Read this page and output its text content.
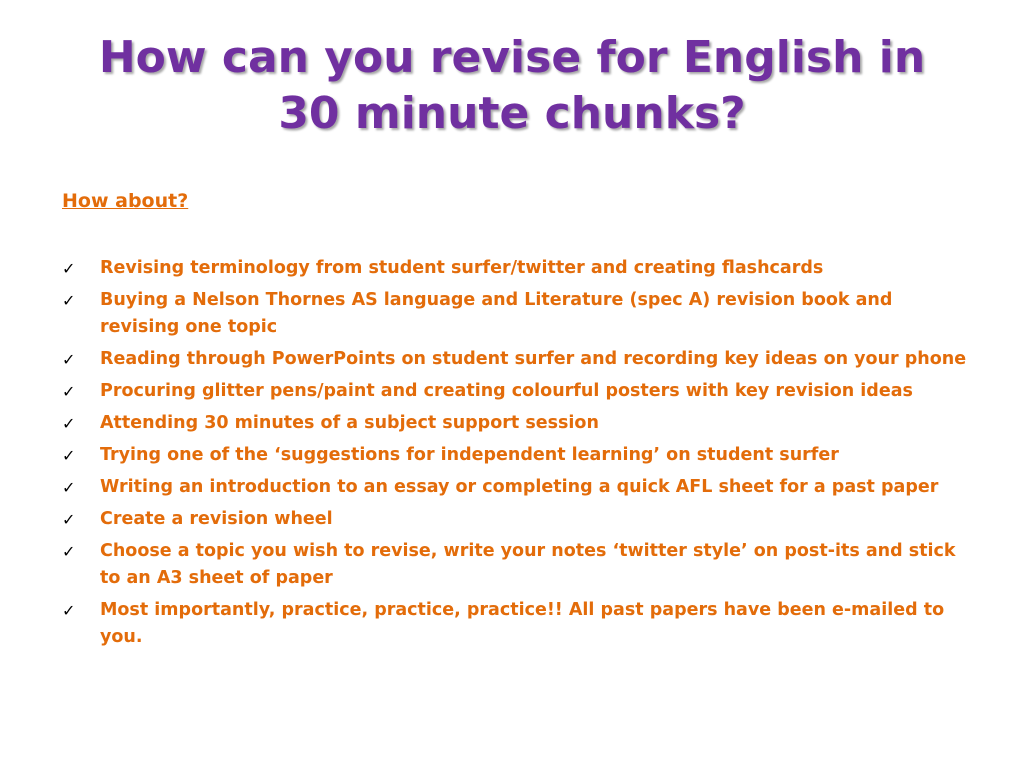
How can you revise for English in
30 minute chunks?
How about?
✓	Revising terminology from student surfer/twitter and creating flashcards
✓	Buying a Nelson Thornes AS language and Literature (spec A) revision book and revising one topic
✓	Reading through PowerPoints on student surfer and recording key ideas on your phone
✓	Procuring glitter pens/paint and creating colourful posters with key revision ideas
✓	Attending 30 minutes of a subject support session
✓	Trying one of the ‘suggestions for independent learning’ on student surfer
✓	Writing an introduction to an essay or completing a quick AFL sheet for a past paper
✓	Create a revision wheel
✓	Choose a topic you wish to revise, write your notes ‘twitter style’ on post-its and stick to an A3 sheet of paper
✓	Most importantly, practice, practice, practice!! All past papers have been e-mailed to you.
